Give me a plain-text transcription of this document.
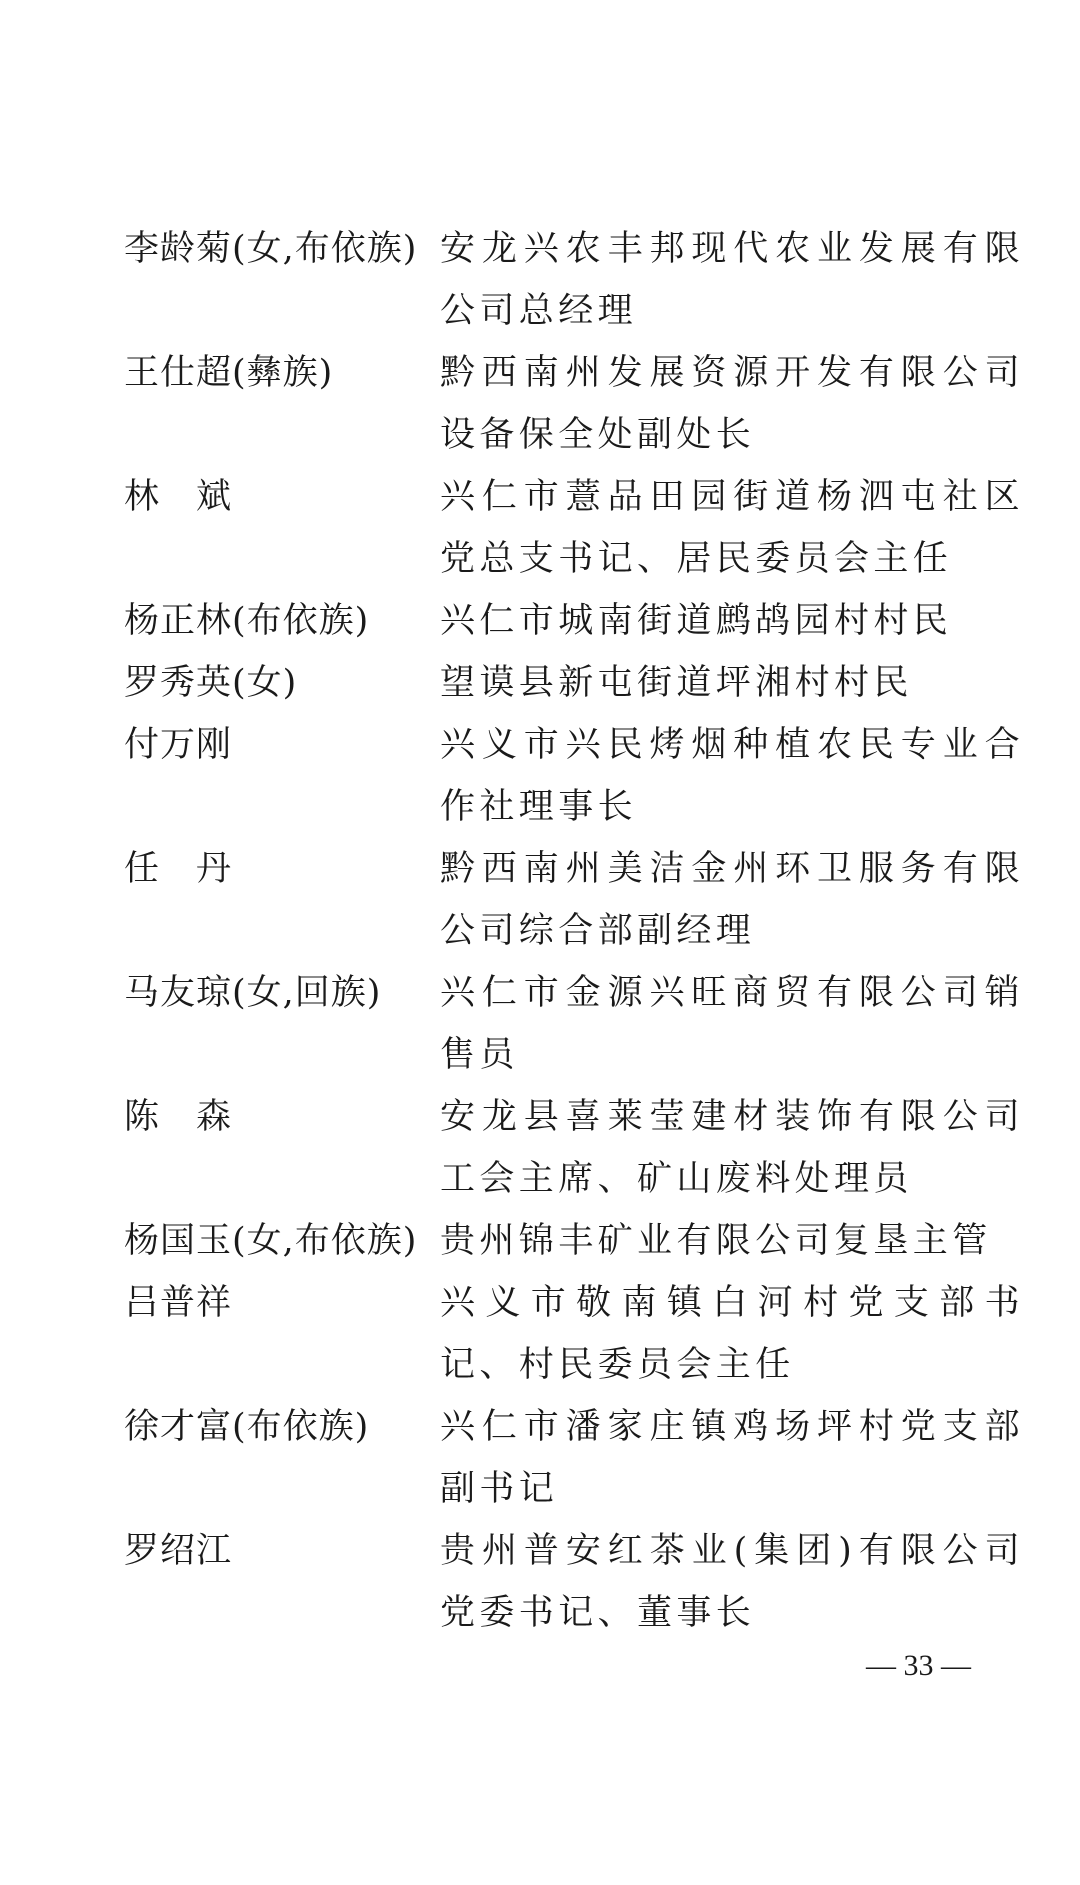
李龄菊(女,布依族) 安龙兴农丰邦现代农业发展有限公司总经理
王仕超(彝族)	黔西南州发展资源开发有限公司设备保全处副处长
林　斌	兴仁市薏品田园街道杨泗屯社区党总支书记、居民委员会主任
杨正林(布依族)	兴仁市城南街道鹧鸪园村村民
罗秀英(女)	望谟县新屯街道坪湘村村民
付万刚	兴义市兴民烤烟种植农民专业合作社理事长
任　丹	黔西南州美洁金州环卫服务有限公司综合部副经理
马友琼(女,回族)	兴仁市金源兴旺商贸有限公司销售员
陈　森	安龙县喜莱莹建材装饰有限公司工会主席、矿山废料处理员
杨国玉(女,布依族) 贵州锦丰矿业有限公司复垦主管
吕普祥	兴义市敬南镇白河村党支部书记、村民委员会主任
徐才富(布依族)	兴仁市潘家庄镇鸡场坪村党支部副书记
罗绍江	贵州普安红茶业(集团)有限公司党委书记、董事长
— 33 —
